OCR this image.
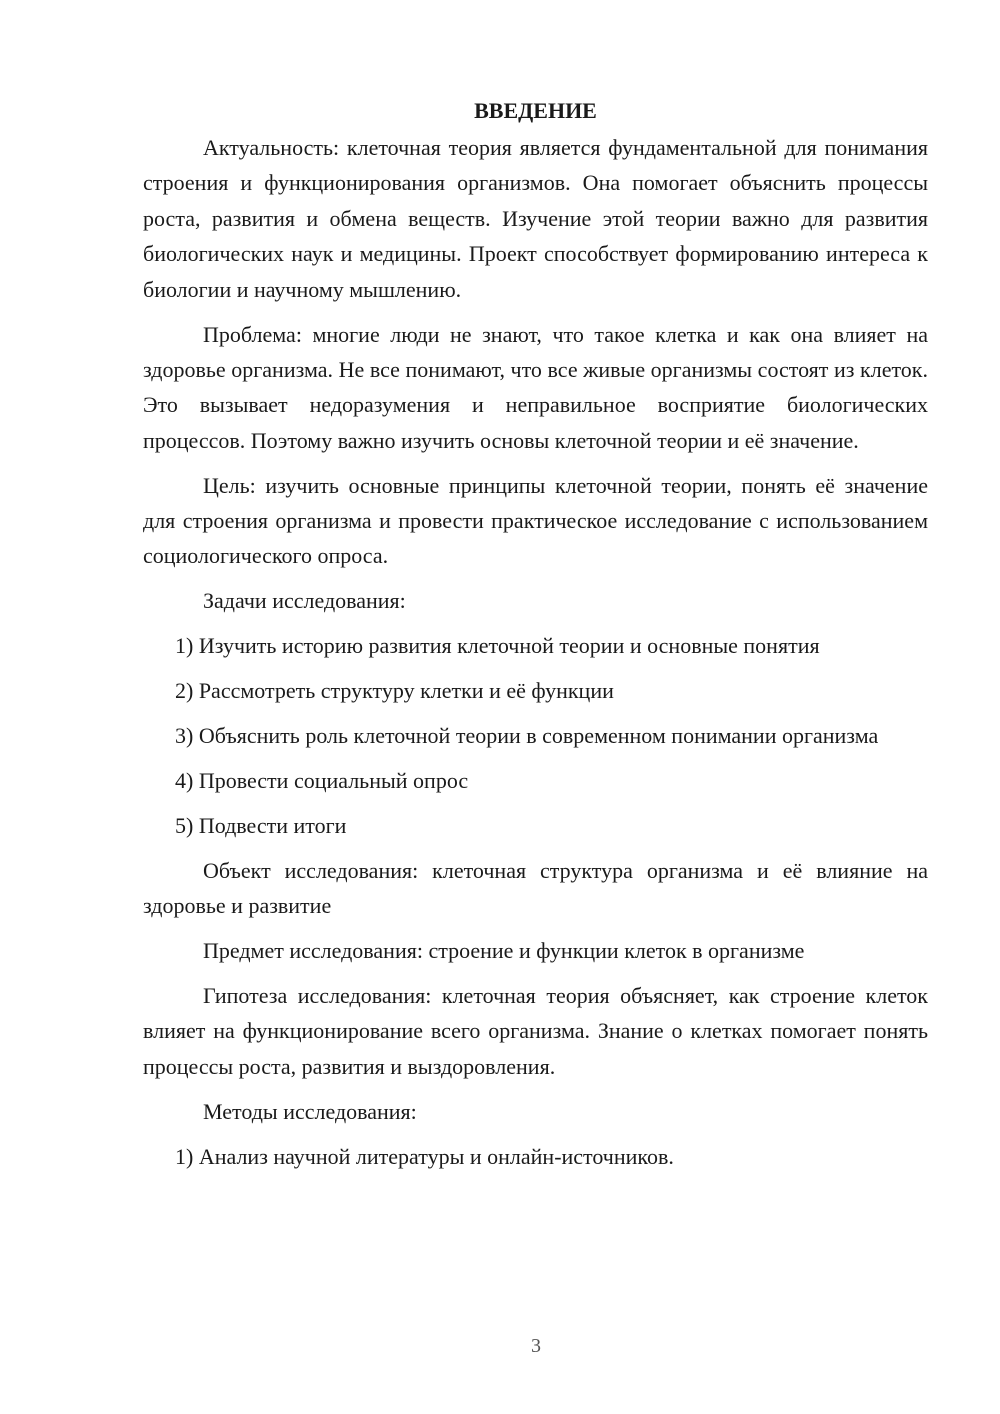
ВВЕДЕНИЕ

Актуальность: клеточная теория является фундаментальной для понимания строения и функционирования организмов. Она помогает объяснить процессы роста, развития и обмена веществ. Изучение этой теории важно для развития биологических наук и медицины. Проект способствует формированию интереса к биологии и научному мышлению.

Проблема: многие люди не знают, что такое клетка и как она влияет на здоровье организма. Не все понимают, что все живые организмы состоят из клеток. Это вызывает недоразумения и неправильное восприятие биологических процессов. Поэтому важно изучить основы клеточной теории и её значение.

Цель: изучить основные принципы клеточной теории, понять её значение для строения организма и провести практическое исследование с использованием социологического опроса.

Задачи исследования:

1) Изучить историю развития клеточной теории и основные понятия

2) Рассмотреть структуру клетки и её функции

3) Объяснить роль клеточной теории в современном понимании организма

4) Провести социальный опрос

5) Подвести итоги

Объект исследования: клеточная структура организма и её влияние на здоровье и развитие

Предмет исследования: строение и функции клеток в организме

Гипотеза исследования: клеточная теория объясняет, как строение клеток влияет на функционирование всего организма. Знание о клетках помогает понять процессы роста, развития и выздоровления.

Методы исследования:

1) Анализ научной литературы и онлайн-источников.

3
